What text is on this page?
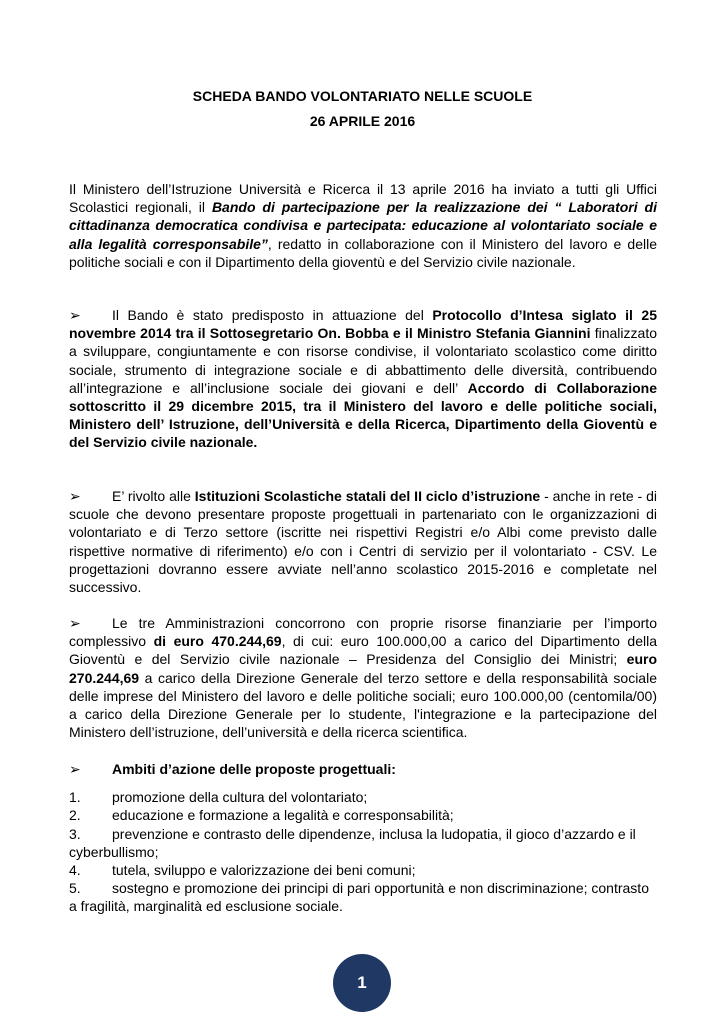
SCHEDA BANDO VOLONTARIATO NELLE SCUOLE
26 APRILE 2016

Il Ministero dell’Istruzione Università e Ricerca il 13 aprile 2016 ha inviato a tutti gli Uffici Scolastici regionali, il Bando di partecipazione per la realizzazione dei “ Laboratori di cittadinanza democratica condivisa e partecipata: educazione al volontariato sociale e alla legalità corresponsabile”, redatto in collaborazione con il Ministero del lavoro e delle politiche sociali e con il Dipartimento della gioventù e del Servizio civile nazionale.

➢ Il Bando è stato predisposto in attuazione del Protocollo d’Intesa siglato il 25 novembre 2014 tra il Sottosegretario On. Bobba e il Ministro Stefania Giannini finalizzato a sviluppare, congiuntamente e con risorse condivise, il volontariato scolastico come diritto sociale, strumento di integrazione sociale e di abbattimento delle diversità, contribuendo all’integrazione e all’inclusione sociale dei giovani e dell’ Accordo di Collaborazione sottoscritto il 29 dicembre 2015, tra il Ministero del lavoro e delle politiche sociali, Ministero dell’ Istruzione, dell’Università e della Ricerca, Dipartimento della Gioventù e del Servizio civile nazionale.

➢ E’ rivolto alle Istituzioni Scolastiche statali del II ciclo d’istruzione - anche in rete - di scuole che devono presentare proposte progettuali in partenariato con le organizzazioni di volontariato e di Terzo settore (iscritte nei rispettivi Registri e/o Albi come previsto dalle rispettive normative di riferimento) e/o con i Centri di servizio per il volontariato - CSV. Le progettazioni dovranno essere avviate nell’anno scolastico 2015-2016 e completate nel successivo.

➢ Le tre Amministrazioni concorrono con proprie risorse finanziarie per l’importo complessivo di euro 470.244,69, di cui: euro 100.000,00 a carico del Dipartimento della Gioventù e del Servizio civile nazionale – Presidenza del Consiglio dei Ministri; euro 270.244,69 a carico della Direzione Generale del terzo settore e della responsabilità sociale delle imprese del Ministero del lavoro e delle politiche sociali; euro 100.000,00 (centomila/00) a carico della Direzione Generale per lo studente, l'integrazione e la partecipazione del Ministero dell’istruzione, dell’università e della ricerca scientifica.

➢ Ambiti d’azione delle proposte progettuali:

1. promozione della cultura del volontariato;

2. educazione e formazione a legalità e corresponsabilità;

3. prevenzione e contrasto delle dipendenze, inclusa la ludopatia, il gioco d’azzardo e il cyberbullismo;

4. tutela, sviluppo e valorizzazione dei beni comuni;

5. sostegno e promozione dei principi di pari opportunità e non discriminazione; contrasto a fragilità, marginalità ed esclusione sociale.

1
